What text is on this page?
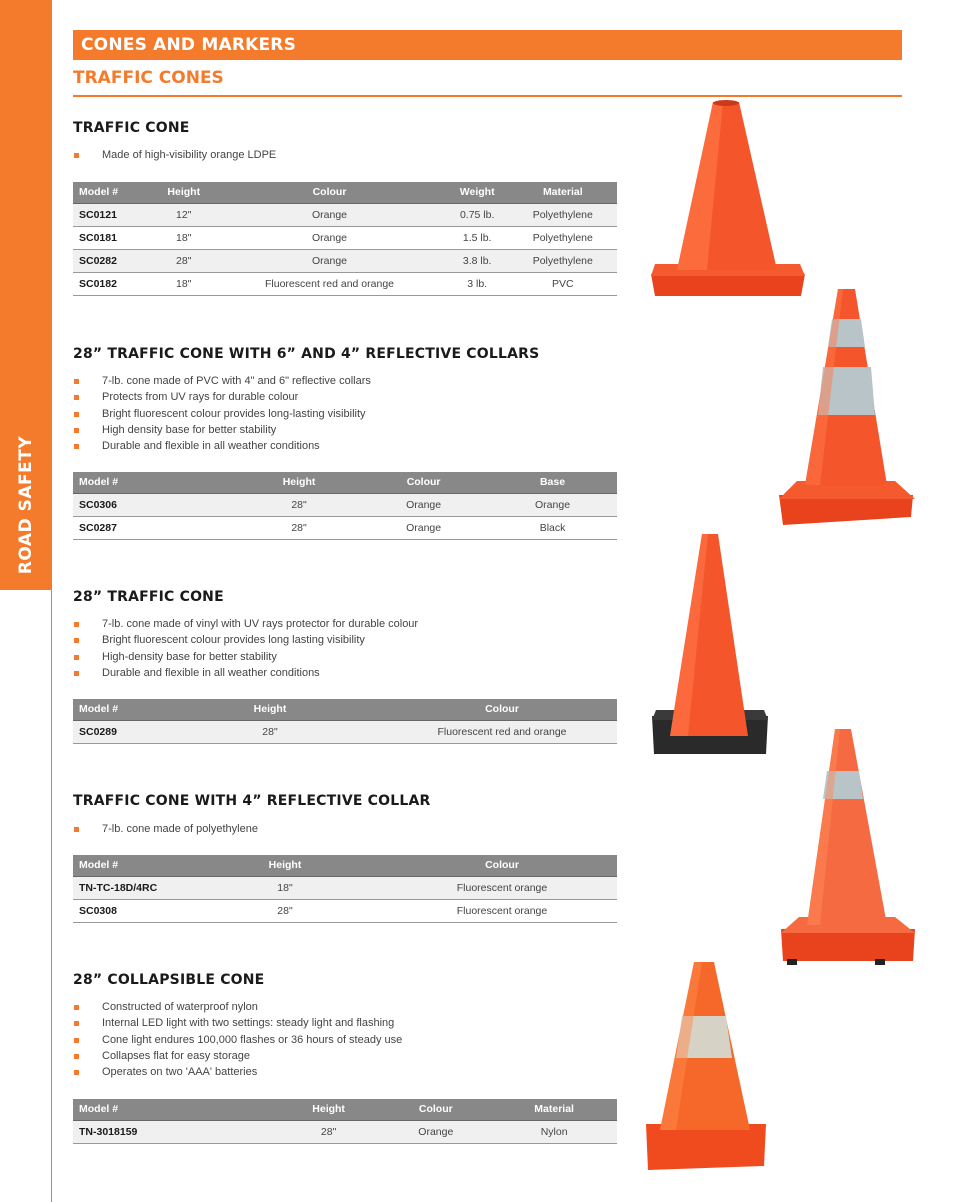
ROAD SAFETY
CONES AND MARKERS
TRAFFIC CONES
TRAFFIC CONE
Made of high-visibility orange LDPE
Model #	Height	Colour	Weight	Material
SC0121	12"	Orange	0.75 lb.	Polyethylene
SC0181	18"	Orange	1.5 lb.	Polyethylene
SC0282	28"	Orange	3.8 lb.	Polyethylene
SC0182	18"	Fluorescent red and orange	3 lb.	PVC
28” TRAFFIC CONE WITH 6” AND 4” REFLECTIVE COLLARS
7-lb. cone made of PVC with 4" and 6" reflective collars
Protects from UV rays for durable colour
Bright fluorescent colour provides long-lasting visibility
High density base for better stability
Durable and flexible in all weather conditions
Model #	Height	Colour	Base
SC0306	28"	Orange	Orange
SC0287	28"	Orange	Black
28” TRAFFIC CONE
7-lb. cone made of vinyl with UV rays protector for durable colour
Bright fluorescent colour provides long lasting visibility
High-density base for better stability
Durable and flexible in all weather conditions
Model #	Height	Colour
SC0289	28"	Fluorescent red and orange
TRAFFIC CONE WITH 4” REFLECTIVE COLLAR
7-lb. cone made of polyethylene
Model #	Height	Colour
TN-TC-18D/4RC	18"	Fluorescent orange
SC0308	28"	Fluorescent orange
28” COLLAPSIBLE CONE
Constructed of waterproof nylon
Internal LED light with two settings: steady light and flashing
Cone light endures 100,000 flashes or 36 hours of steady use
Collapses flat for easy storage
Operates on two 'AAA' batteries
Model #	Height	Colour	Material
TN-3018159	28"	Orange	Nylon
